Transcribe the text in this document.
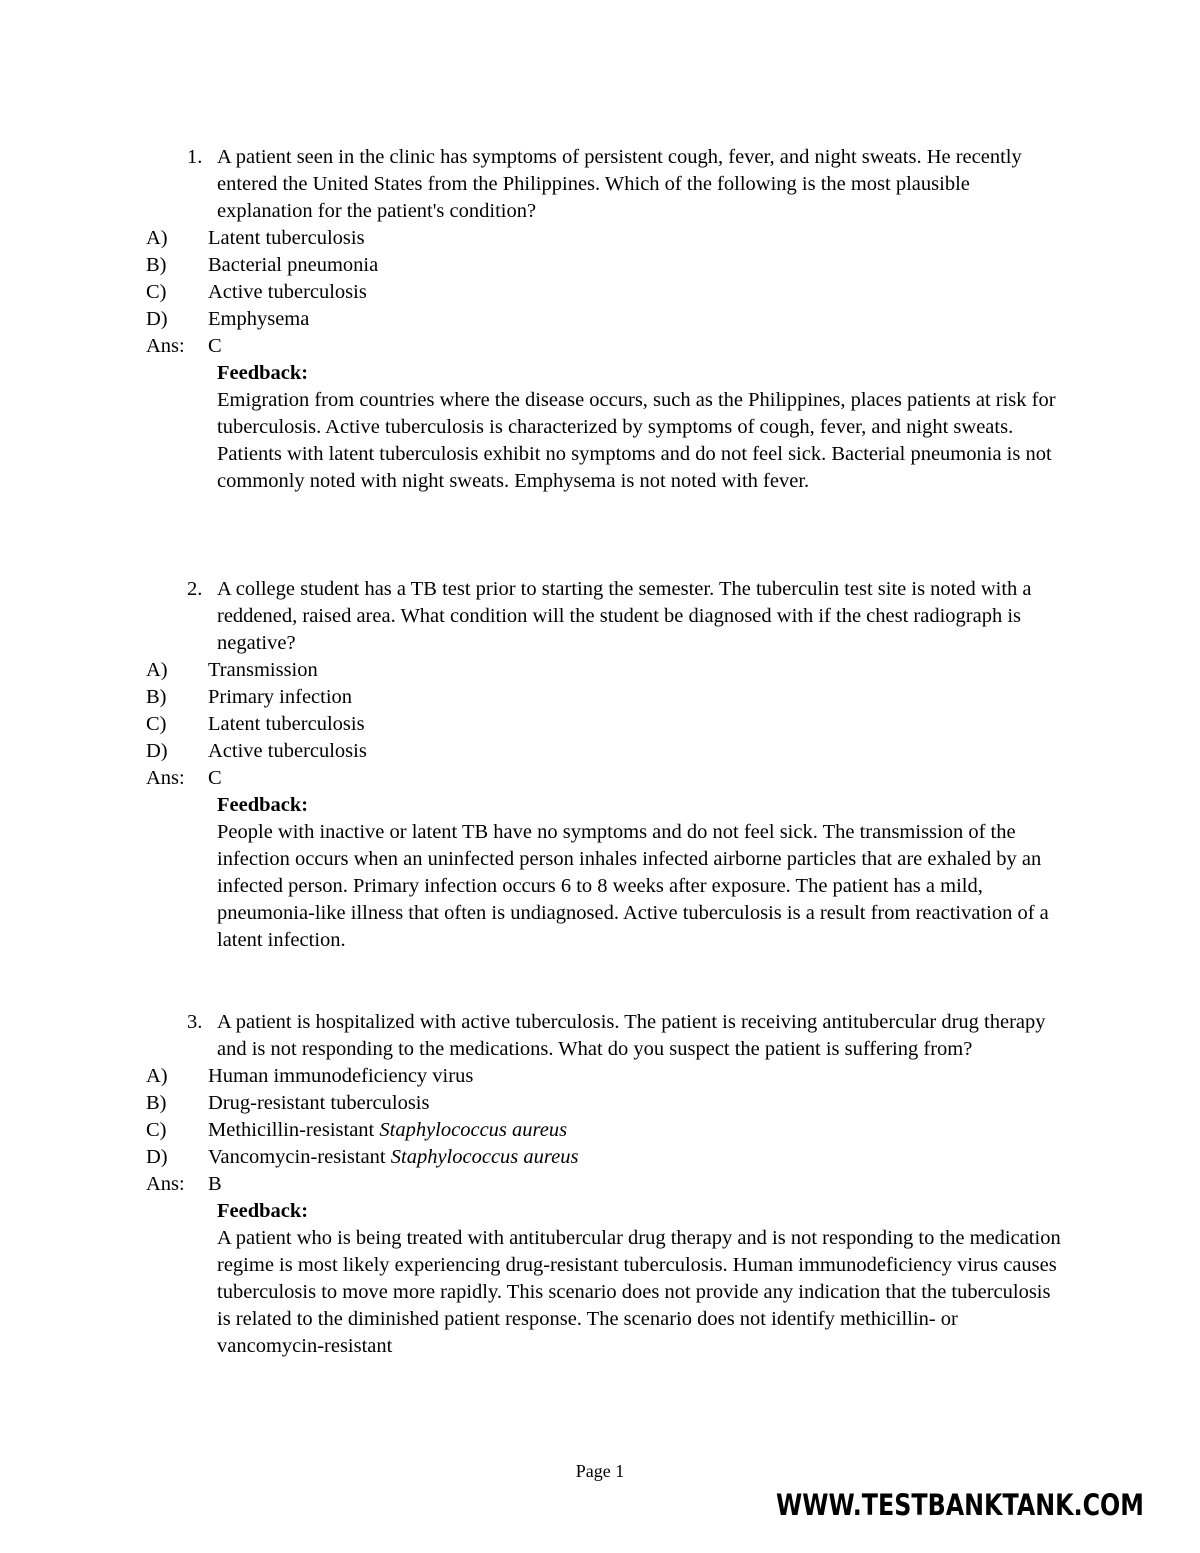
1. A patient seen in the clinic has symptoms of persistent cough, fever, and night sweats. He recently entered the United States from the Philippines. Which of the following is the most plausible explanation for the patient's condition?
A) Latent tuberculosis
B) Bacterial pneumonia
C) Active tuberculosis
D) Emphysema
Ans: C
Feedback:
Emigration from countries where the disease occurs, such as the Philippines, places patients at risk for tuberculosis. Active tuberculosis is characterized by symptoms of cough, fever, and night sweats. Patients with latent tuberculosis exhibit no symptoms and do not feel sick. Bacterial pneumonia is not commonly noted with night sweats. Emphysema is not noted with fever.
2. A college student has a TB test prior to starting the semester. The tuberculin test site is noted with a reddened, raised area. What condition will the student be diagnosed with if the chest radiograph is negative?
A) Transmission
B) Primary infection
C) Latent tuberculosis
D) Active tuberculosis
Ans: C
Feedback:
People with inactive or latent TB have no symptoms and do not feel sick. The transmission of the infection occurs when an uninfected person inhales infected airborne particles that are exhaled by an infected person. Primary infection occurs 6 to 8 weeks after exposure. The patient has a mild, pneumonia-like illness that often is undiagnosed. Active tuberculosis is a result from reactivation of a latent infection.
3. A patient is hospitalized with active tuberculosis. The patient is receiving antitubercular drug therapy and is not responding to the medications. What do you suspect the patient is suffering from?
A) Human immunodeficiency virus
B) Drug-resistant tuberculosis
C) Methicillin-resistant Staphylococcus aureus
D) Vancomycin-resistant Staphylococcus aureus
Ans: B
Feedback:
A patient who is being treated with antitubercular drug therapy and is not responding to the medication regime is most likely experiencing drug-resistant tuberculosis. Human immunodeficiency virus causes tuberculosis to move more rapidly. This scenario does not provide any indication that the tuberculosis is related to the diminished patient response. The scenario does not identify methicillin- or vancomycin-resistant
Page 1
WWW.TESTBANKTANK.COM
